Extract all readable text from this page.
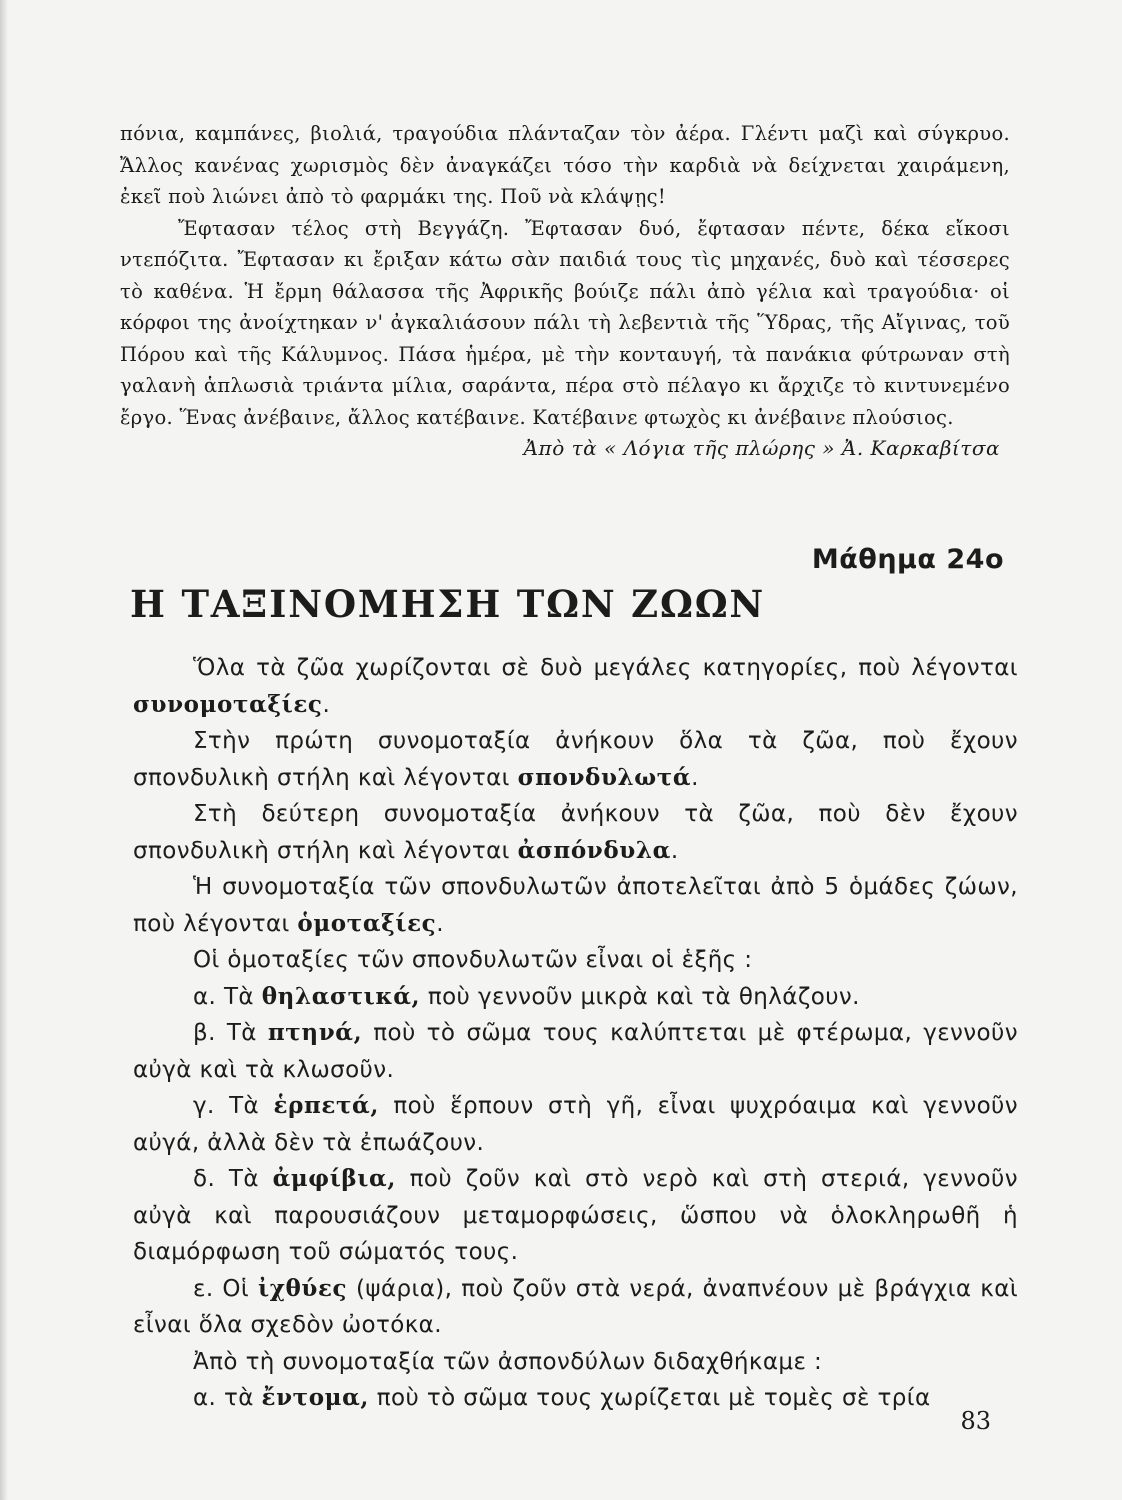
πόνια, καμπάνες, βιολιά, τραγούδια πλάνταζαν τὸν ἀέρα. Γλέντι μαζὶ καὶ σύγκρυο. Ἄλλος κανένας χωρισμὸς δὲν ἀναγκάζει τόσο τὴν καρδιὰ νὰ δείχνεται χαιράμενη, ἐκεῖ ποὺ λιώνει ἀπὸ τὸ φαρμάκι της. Ποῦ νὰ κλάψῃς!

Ἔφτασαν τέλος στὴ Βεγγάζη. Ἔφτασαν δυό, ἔφτασαν πέντε, δέκα εἴκοσι ντεπόζιτα. Ἔφτασαν κι ἔριξαν κάτω σὰν παιδιά τους τὶς μηχανές, δυὸ καὶ τέσσερες τὸ καθένα. Ἡ ἔρμη θάλασσα τῆς Ἀφρικῆς βούιζε πάλι ἀπὸ γέλια καὶ τραγούδια· οἱ κόρφοι της ἀνοίχτηκαν ν' ἀγκαλιάσουν πάλι τὴ λεβεντιὰ τῆς Ὕδρας, τῆς Αἴγινας, τοῦ Πόρου καὶ τῆς Κάλυμνος. Πάσα ἡμέρα, μὲ τὴν κονταυγή, τὰ πανάκια φύτρωναν στὴ γαλανὴ ἁπλωσιὰ τριάντα μίλια, σαράντα, πέρα στὸ πέλαγο κι ἄρχιζε τὸ κιντυνεμένο ἔργο. Ἕνας ἀνέβαινε, ἄλλος κατέβαινε. Κατέβαινε φτωχὸς κι ἀνέβαινε πλούσιος.

Ἀπὸ τὰ « Λόγια τῆς πλώρης » Ἀ. Καρκαβίτσα
Μάθημα 24ο
Η ΤΑΞΙΝΟΜΗΣΗ ΤΩΝ ΖΩΩΝ

Ὅλα τὰ ζῶα χωρίζονται σὲ δυὸ μεγάλες κατηγορίες, ποὺ λέγονται συνομοταξίες.

Στὴν πρώτη συνομοταξία ἀνήκουν ὅλα τὰ ζῶα, ποὺ ἔχουν σπονδυλικὴ στήλη καὶ λέγονται σπονδυλωτά.

Στὴ δεύτερη συνομοταξία ἀνήκουν τὰ ζῶα, ποὺ δὲν ἔχουν σπονδυλικὴ στήλη καὶ λέγονται ἀσπόνδυλα.

Ἡ συνομοταξία τῶν σπονδυλωτῶν ἀποτελεῖται ἀπὸ 5 ὁμάδες ζώων, ποὺ λέγονται ὁμοταξίες.

Οἱ ὁμοταξίες τῶν σπονδυλωτῶν εἶναι οἱ ἑξῆς :

α. Τὰ θηλαστικά, ποὺ γεννοῦν μικρὰ καὶ τὰ θηλάζουν.

β. Τὰ πτηνά, ποὺ τὸ σῶμα τους καλύπτεται μὲ φτέρωμα, γεννοῦν αὐγὰ καὶ τὰ κλωσοῦν.

γ. Τὰ ἑρπετά, ποὺ ἕρπουν στὴ γῆ, εἶναι ψυχρόαιμα καὶ γεννοῦν αὐγά, ἀλλὰ δὲν τὰ ἐπωάζουν.

δ. Τὰ ἀμφίβια, ποὺ ζοῦν καὶ στὸ νερὸ καὶ στὴ στεριά, γεννοῦν αὐγὰ καὶ παρουσιάζουν μεταμορφώσεις, ὥσπου νὰ ὁλοκληρωθῆ ἡ διαμόρφωση τοῦ σώματός τους.

ε. Οἱ ἰχθύες (ψάρια), ποὺ ζοῦν στὰ νερά, ἀναπνέουν μὲ βράγχια καὶ εἶναι ὅλα σχεδὸν ὠοτόκα.

Ἀπὸ τὴ συνομοταξία τῶν ἀσπονδύλων διδαχθήκαμε :

α. τὰ ἔντομα, ποὺ τὸ σῶμα τους χωρίζεται μὲ τομὲς σὲ τρία

83
